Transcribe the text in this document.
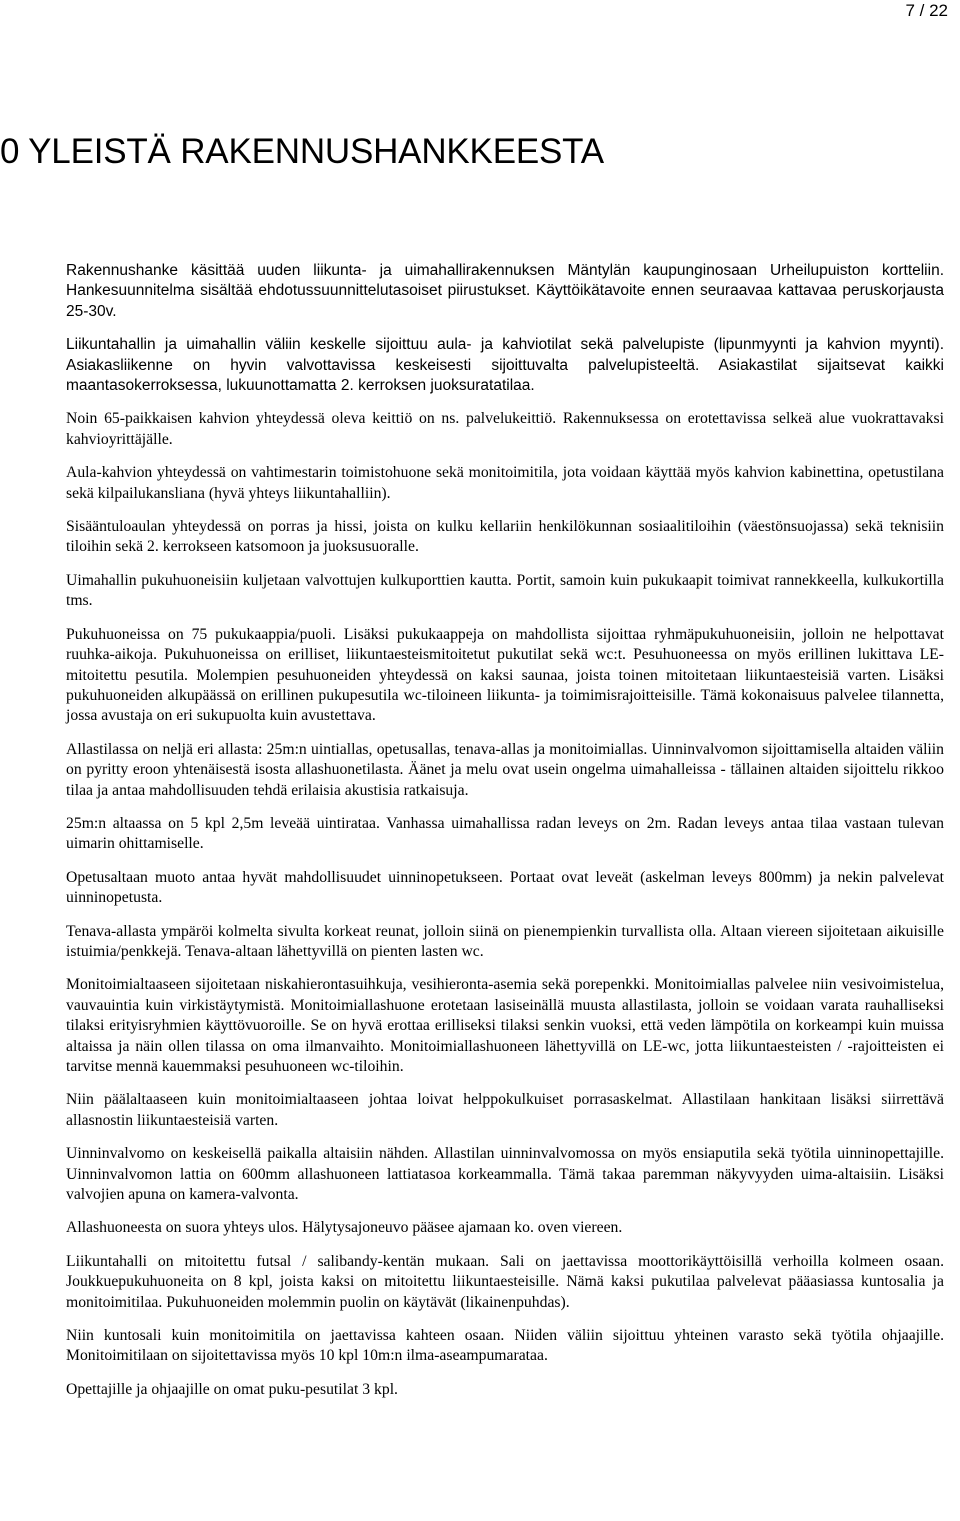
7 / 22
0 YLEISTÄ RAKENNUSHANKKEESTA

Rakennushanke käsittää uuden liikunta- ja uimahallirakennuksen Mäntylän kaupunginosaan Urheilupuiston kortteliin. Hankesuunnitelma sisältää ehdotussuunnittelutasoiset piirustukset. Käyttöikätavoite ennen seuraavaa kattavaa peruskorjausta 25-30v.

Liikuntahallin ja uimahallin väliin keskelle sijoittuu aula- ja kahviotilat sekä palvelupiste (lipunmyynti ja kahvion myynti). Asiakasliikenne on hyvin valvottavissa keskeisesti sijoittuvalta palvelupisteeltä. Asiakastilat sijaitsevat kaikki maantasokerroksessa, lukuunottamatta 2. kerroksen juoksuratatilaa.

Noin 65-paikkaisen kahvion yhteydessä oleva keittiö on ns. palvelukeittiö. Rakennuksessa on erotettavissa selkeä alue vuokrattavaksi kahvioyrittäjälle.

Aula-kahvion yhteydessä on vahtimestarin toimistohuone sekä monitoimitila, jota voidaan käyttää myös kahvion kabinettina, opetustilana sekä kilpailukansliana (hyvä yhteys liikuntahalliin).

Sisääntuloaulan yhteydessä on porras ja hissi, joista on kulku kellariin henkilökunnan sosiaalitiloihin (väestönsuojassa) sekä teknisiin tiloihin sekä 2. kerrokseen katsomoon ja juoksusuoralle.

Uimahallin pukuhuoneisiin kuljetaan valvottujen kulkuporttien kautta. Portit, samoin kuin pukukaapit toimivat rannekkeella, kulkukortilla tms.

Pukuhuoneissa on 75 pukukaappia/puoli. Lisäksi pukukaappeja on mahdollista sijoittaa ryhmäpukuhuoneisiin, jolloin ne helpottavat ruuhka-aikoja. Pukuhuoneissa on erilliset, liikuntaesteismitoitetut pukutilat sekä wc:t. Pesuhuoneessa on myös erillinen lukittava LE-mitoitettu pesutila. Molempien pesuhuoneiden yhteydessä on kaksi saunaa, joista toinen mitoitetaan liikuntaesteisiä varten. Lisäksi pukuhuoneiden alkupäässä on erillinen pukupesutila wc-tiloineen liikunta- ja toimimisrajoitteisille. Tämä kokonaisuus palvelee tilannetta, jossa avustaja on eri sukupuolta kuin avustettava.

Allastilassa on neljä eri allasta: 25m:n uintiallas, opetusallas, tenava-allas ja monitoimiallas. Uinninvalvomon sijoittamisella altaiden väliin on pyritty eroon yhtenäisestä isosta allashuonetilasta. Äänet ja melu ovat usein ongelma uimahalleissa - tällainen altaiden sijoittelu rikkoo tilaa ja antaa mahdollisuuden tehdä erilaisia akustisia ratkaisuja.

25m:n altaassa on 5 kpl 2,5m leveää uintirataa. Vanhassa uimahallissa radan leveys on 2m. Radan leveys antaa tilaa vastaan tulevan uimarin ohittamiselle.

Opetusaltaan muoto antaa hyvät mahdollisuudet uinninopetukseen. Portaat ovat leveät (askelman leveys 800mm) ja nekin palvelevat uinninopetusta.

Tenava-allasta ympäröi kolmelta sivulta korkeat reunat, jolloin siinä on pienempienkin turvallista olla. Altaan viereen sijoitetaan aikuisille istuimia/penkkejä. Tenava-altaan lähettyvillä on pienten lasten wc.

Monitoimialtaaseen sijoitetaan niskahierontasuihkuja, vesihieronta-asemia sekä porepenkki. Monitoimiallas palvelee niin vesivoimistelua, vauvauintia kuin virkistäytymistä. Monitoimiallashuone erotetaan lasiseinällä muusta allastilasta, jolloin se voidaan varata rauhalliseksi tilaksi erityisryhmien käyttövuoroille. Se on hyvä erottaa erilliseksi tilaksi senkin vuoksi, että veden lämpötila on korkeampi kuin muissa altaissa ja näin ollen tilassa on oma ilmanvaihto. Monitoimiallashuoneen lähettyvillä on LE-wc, jotta liikuntaesteisten / -rajoitteisten ei tarvitse mennä kauemmaksi pesuhuoneen wc-tiloihin.

Niin päälaltaaseen kuin monitoimialtaaseen johtaa loivat helppokulkuiset porrasaskelmat. Allastilaan hankitaan lisäksi siirrettävä allasnostin liikuntaesteisiä varten.

Uinninvalvomo on keskeisellä paikalla altaisiin nähden. Allastilan uinninvalvomossa on myös ensiaputila sekä työtila uinninopettajille. Uinninvalvomon lattia on 600mm allashuoneen lattiatasoa korkeammalla. Tämä takaa paremman näkyvyyden uima-altaisiin. Lisäksi valvojien apuna on kamera-valvonta.

Allashuoneesta on suora yhteys ulos. Hälytysajoneuvo pääsee ajamaan ko. oven viereen.

Liikuntahalli on mitoitettu futsal / salibandy-kentän mukaan. Sali on jaettavissa moottorikäyttöisillä verhoilla kolmeen osaan. Joukkuepukuhuoneita on 8 kpl, joista kaksi on mitoitettu liikuntaesteisille. Nämä kaksi pukutilaa palvelevat pääasiassa kuntosalia ja monitoimitilaa. Pukuhuoneiden molemmin puolin on käytävät (likainenpuhdas).

Niin kuntosali kuin monitoimitila on jaettavissa kahteen osaan. Niiden väliin sijoittuu yhteinen varasto sekä työtila ohjaajille. Monitoimitilaan on sijoitettavissa myös 10 kpl 10m:n ilma-aseampumarataa.

Opettajille ja ohjaajille on omat puku-pesutilat 3 kpl.
